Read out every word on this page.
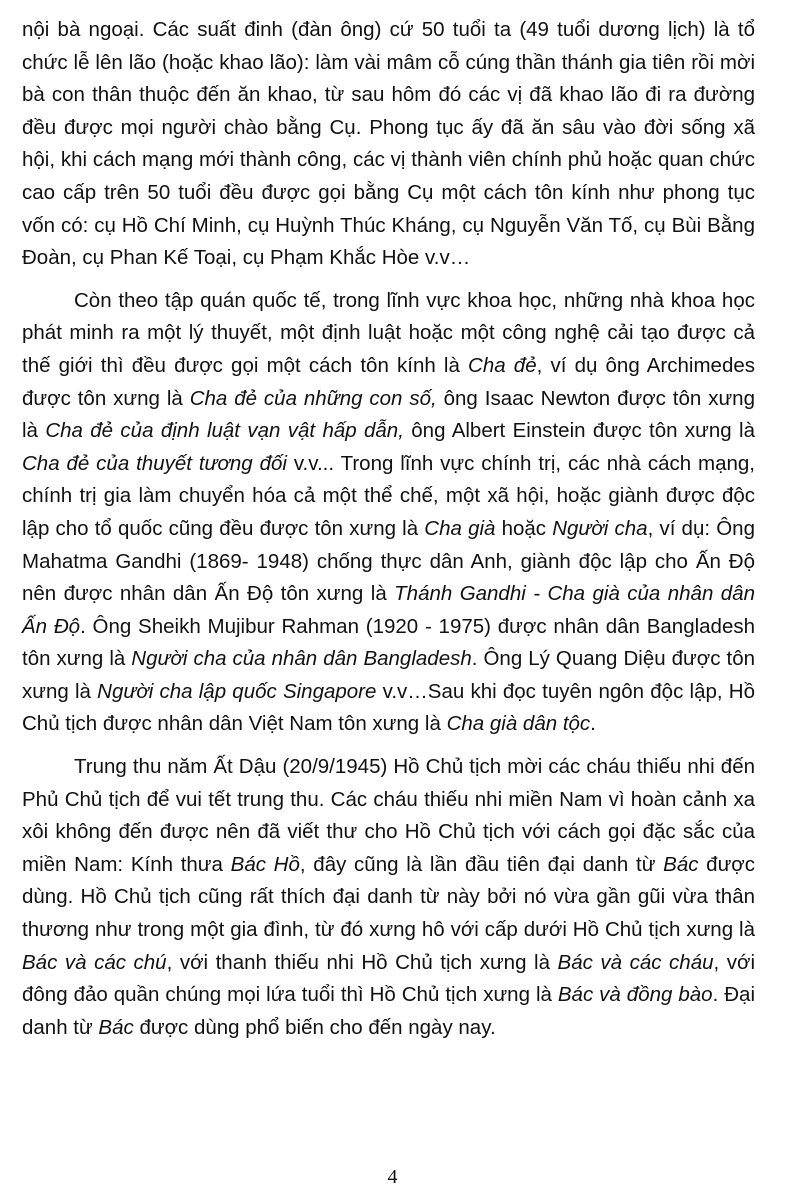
nội bà ngoại. Các suất đinh (đàn ông) cứ 50 tuổi ta (49 tuổi dương lịch) là tổ chức lễ lên lão (hoặc khao lão): làm vài mâm cỗ cúng thần thánh gia tiên rồi mời bà con thân thuộc đến ăn khao, từ sau hôm đó các vị đã khao lão đi ra đường đều được mọi người chào bằng Cụ. Phong tục ấy đã ăn sâu vào đời sống xã hội, khi cách mạng mới thành công, các vị thành viên chính phủ hoặc quan chức cao cấp trên 50 tuổi đều được gọi bằng Cụ một cách tôn kính như phong tục vốn có: cụ Hồ Chí Minh, cụ Huỳnh Thúc Kháng, cụ Nguyễn Văn Tố, cụ Bùi Bằng Đoàn, cụ Phan Kế Toại, cụ Phạm Khắc Hòe v.v…

Còn theo tập quán quốc tế, trong lĩnh vực khoa học, những nhà khoa học phát minh ra một lý thuyết, một định luật hoặc một công nghệ cải tạo được cả thế giới thì đều được gọi một cách tôn kính là Cha đẻ, ví dụ ông Archimedes được tôn xưng là Cha đẻ của những con số, ông Isaac Newton được tôn xưng là Cha đẻ của định luật vạn vật hấp dẫn, ông Albert Einstein được tôn xưng là Cha đẻ của thuyết tương đối v.v... Trong lĩnh vực chính trị, các nhà cách mạng, chính trị gia làm chuyển hóa cả một thể chế, một xã hội, hoặc giành được độc lập cho tổ quốc cũng đều được tôn xưng là Cha già hoặc Người cha, ví dụ: Ông Mahatma Gandhi (1869- 1948) chống thực dân Anh, giành độc lập cho Ấn Độ nên được nhân dân Ấn Độ tôn xưng là Thánh Gandhi - Cha già của nhân dân Ấn Độ. Ông Sheikh Mujibur Rahman (1920 - 1975) được nhân dân Bangladesh tôn xưng là Người cha của nhân dân Bangladesh. Ông Lý Quang Diệu được tôn xưng là Người cha lập quốc Singapore v.v…Sau khi đọc tuyên ngôn độc lập, Hồ Chủ tịch được nhân dân Việt Nam tôn xưng là Cha già dân tộc.

Trung thu năm Ất Dậu (20/9/1945) Hồ Chủ tịch mời các cháu thiếu nhi đến Phủ Chủ tịch để vui tết trung thu. Các cháu thiếu nhi miền Nam vì hoàn cảnh xa xôi không đến được nên đã viết thư cho Hồ Chủ tịch với cách gọi đặc sắc của miền Nam: Kính thưa Bác Hồ, đây cũng là lần đầu tiên đại danh từ Bác được dùng. Hồ Chủ tịch cũng rất thích đại danh từ này bởi nó vừa gần gũi vừa thân thương như trong một gia đình, từ đó xưng hô với cấp dưới Hồ Chủ tịch xưng là Bác và các chú, với thanh thiếu nhi Hồ Chủ tịch xưng là Bác và các cháu, với đông đảo quần chúng mọi lứa tuổi thì Hồ Chủ tịch xưng là Bác và đồng bào. Đại danh từ Bác được dùng phổ biến cho đến ngày nay.

4
